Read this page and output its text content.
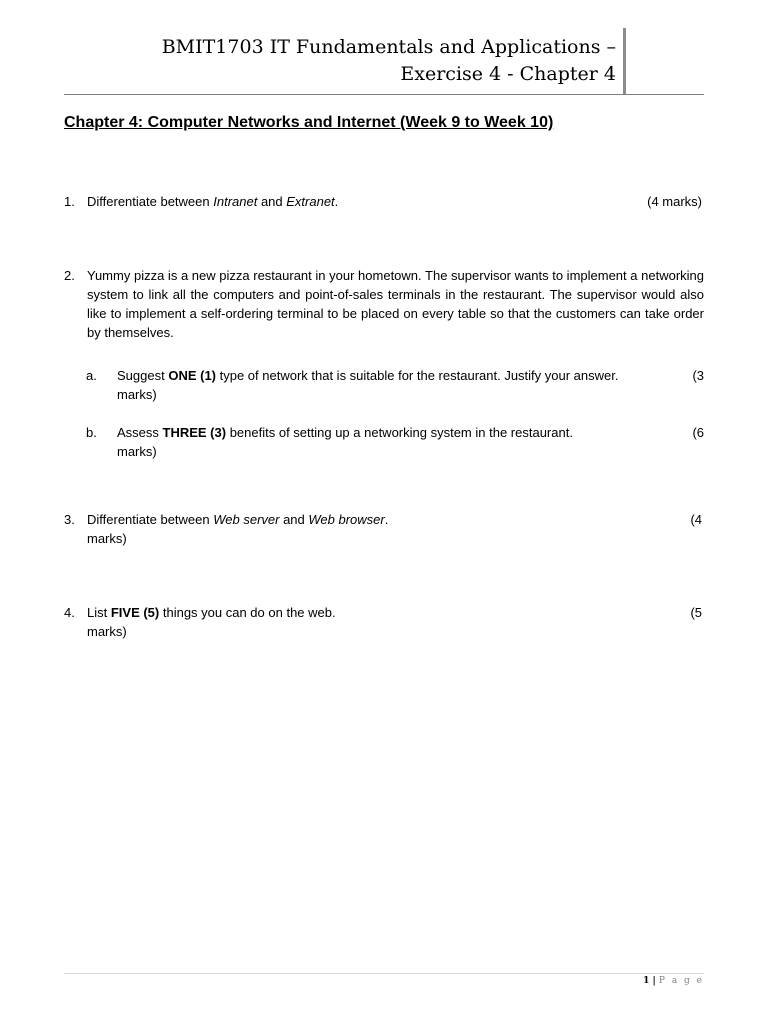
BMIT1703 IT Fundamentals and Applications –
Exercise 4 - Chapter 4
Chapter 4: Computer Networks and Internet (Week 9 to Week 10)
1. Differentiate between Intranet and Extranet.	(4 marks)
2. Yummy pizza is a new pizza restaurant in your hometown. The supervisor wants to implement a networking system to link all the computers and point-of-sales terminals in the restaurant. The supervisor would also like to implement a self-ordering terminal to be placed on every table so that the customers can take order by themselves.
a.	(3
Suggest ONE (1) type of network that is suitable for the restaurant. Justify your answer.
marks)
b.	(6
Assess THREE (3) benefits of setting up a networking system in the restaurant.
marks)
3.	(4
Differentiate between Web server and Web browser.
marks)
4.	(5
List FIVE (5) things you can do on the web.
marks)
1 | P a g e
